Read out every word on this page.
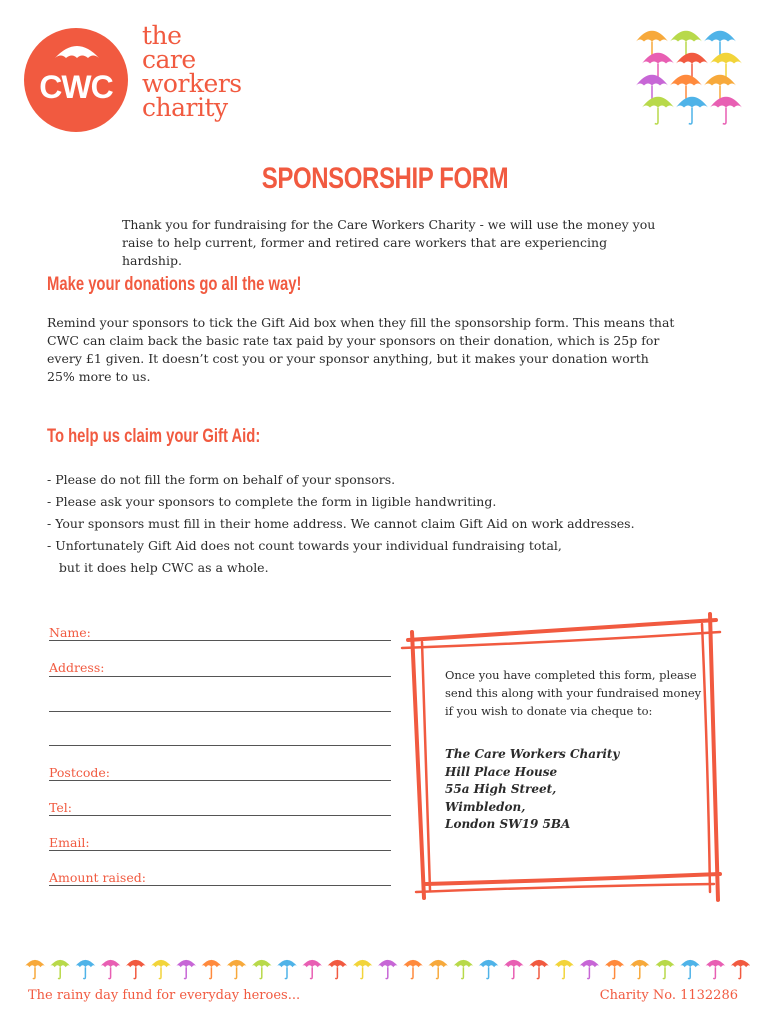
CWC
the
care
workers
charity
SPONSORSHIP FORM
Thank you for fundraising for the Care Workers Charity - we will use the money you raise to help current, former and retired care workers that are experiencing hardship.
Make your donations go all the way!
Remind your sponsors to tick the Gift Aid box when they fill the sponsorship form. This means that CWC can claim back the basic rate tax paid by your sponsors on their donation, which is 25p for every £1 given. It doesn’t cost you or your sponsor anything, but it makes your donation worth 25% more to us.
To help us claim your Gift Aid:
- Please do not fill the form on behalf of your sponsors.
- Please ask your sponsors to complete the form in ligible handwriting.
- Your sponsors must fill in their home address. We cannot claim Gift Aid on work addresses.
- Unfortunately Gift Aid does not count towards your individual fundraising total,
but it does help CWC as a whole.
Name:
Address:
Postcode:
Tel:
Email:
Amount raised:
Once you have completed this form, please send this along with your fundraised money if you wish to donate via cheque to:
The Care Workers Charity
Hill Place House
55a High Street,
Wimbledon,
London SW19 5BA
The rainy day fund for everyday heroes...	Charity No. 1132286
